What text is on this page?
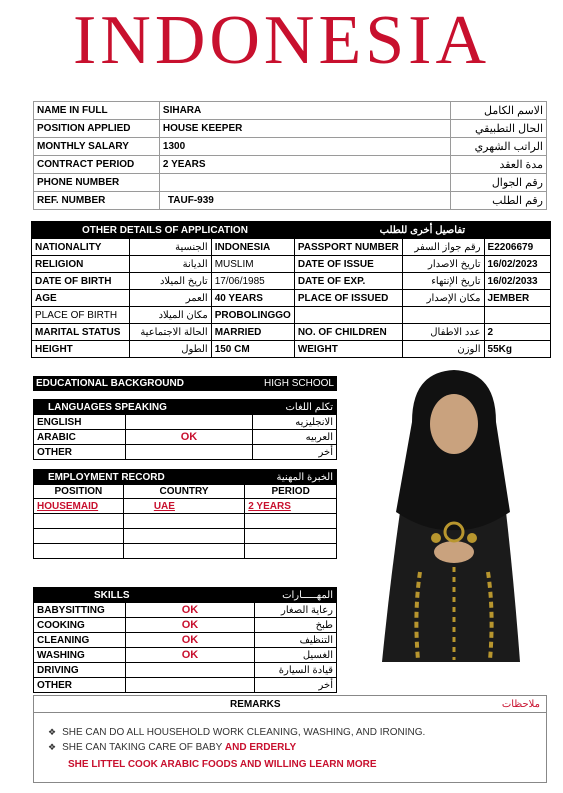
INDONESIA
NAME IN FULL	SIHARA	الاسم الكامل
POSITION APPLIED	HOUSE KEEPER	الحال التطبيقي
MONTHLY SALARY	1300	الراتب الشهري
CONTRACT PERIOD	2 YEARS	مدة العقد
PHONE NUMBER		رقم الجوال
REF. NUMBER	TAUF-939	رقم الطلب
OTHER DETAILS OF APPLICATION			تفاصيل أخرى للطلب		
NATIONALITY	الجنسية	INDONESIA	PASSPORT NUMBER	رقم جواز السفر	E2206679
RELIGION	الديانة	MUSLIM	DATE OF ISSUE	تاريخ الاصدار	16/02/2023
DATE OF BIRTH	تاريخ الميلاد	17/06/1985	DATE OF EXP.	تاريخ الإنتهاء	16/02/2033
AGE	العمر	40 YEARS	PLACE OF ISSUED	مكان الإصدار	JEMBER
PLACE OF BIRTH	مكان الميلاد	PROBOLINGGO			
MARITAL STATUS	الحالة الاجتماعية	MARRIED	NO. OF CHILDREN	عدد الاطفال	2
HEIGHT	الطول	150 CM	WEIGHT	الوزن	55Kg
EDUCATIONAL BACKGROUND	HIGH SCHOOL
LANGUAGES SPEAKING		تكلم اللغات
ENGLISH		الانجليزيه
ARABIC	OK	العربيه
OTHER		أخر
EMPLOYMENT RECORD		الخبرة المهنية
POSITION	COUNTRY	PERIOD
HOUSEMAID	UAE	2 YEARS

SKILLS		المهـــــارات
BABYSITTING	OK	رعاية الصغار
COOKING	OK	طبخ
CLEANING	OK	التنظيف
WASHING	OK	الغسيل
DRIVING		قيادة السيارة
OTHER		أخر
REMARKS	ملاحظات
❖ SHE CAN DO ALL HOUSEHOLD WORK CLEANING, WASHING, AND IRONING.
❖ SHE CAN TAKING CARE OF BABY AND ERDERLY
SHE LITTEL COOK ARABIC FOODS AND WILLING LEARN MORE
